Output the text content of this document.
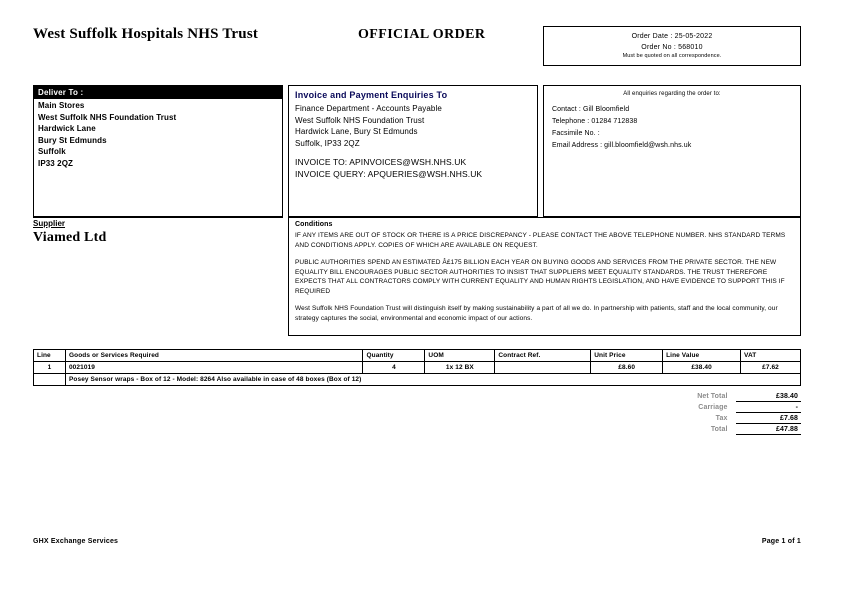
West Suffolk Hospitals NHS Trust	OFFICIAL ORDER	Order Date : 25-05-2022
Order No : 568010
Must be quoted on all correspondence.
Deliver To :
Main Stores
West Suffolk NHS Foundation Trust
Hardwick Lane
Bury St Edmunds
Suffolk
IP33 2QZ
Invoice and Payment Enquiries To
Finance Department - Accounts Payable
West Suffolk NHS Foundation Trust
Hardwick Lane, Bury St Edmunds
Suffolk, IP33 2QZ
INVOICE TO: APINVOICES@WSH.NHS.UK
INVOICE QUERY: APQUERIES@WSH.NHS.UK
All enquiries regarding the order to:
Contact : Gill Bloomfield
Telephone : 01284 712838
Facsimile No. :
Email Address : gill.bloomfield@wsh.nhs.uk
Supplier
Viamed Ltd
Conditions
IF ANY ITEMS ARE OUT OF STOCK OR THERE IS A PRICE DISCREPANCY - PLEASE CONTACT THE ABOVE TELEPHONE NUMBER. NHS STANDARD TERMS AND CONDITIONS APPLY. COPIES OF WHICH ARE AVAILABLE ON REQUEST.
PUBLIC AUTHORITIES SPEND AN ESTIMATED Â£175 BILLION EACH YEAR ON BUYING GOODS AND SERVICES FROM THE PRIVATE SECTOR. THE NEW EQUALITY BILL ENCOURAGES PUBLIC SECTOR AUTHORITIES TO INSIST THAT SUPPLIERS MEET EQUALITY STANDARDS. THE TRUST THEREFORE EXPECTS THAT ALL CONTRACTORS COMPLY WITH CURRENT EQUALITY AND HUMAN RIGHTS LEGISLATION, AND HAVE EVIDENCE TO SUPPORT THIS IF REQUIRED
West Suffolk NHS Foundation Trust will distinguish itself by making sustainability a part of all we do. In partnership with patients, staff and the local community, our strategy captures the social, environmental and economic impact of our actions.
Line	Goods or Services Required	Quantity	UOM	Contract Ref.	Unit Price	Line Value	VAT
1	0021019	4	1x 12 BX		£8.60	£38.40	£7.62
	Posey Sensor wraps - Box of 12 - Model: 8264 Also available in case of 48 boxes (Box of 12)						
Net Total	£38.40
Carriage	-
Tax	£7.68
Total	£47.88
GHX Exchange Services	Page 1 of 1
